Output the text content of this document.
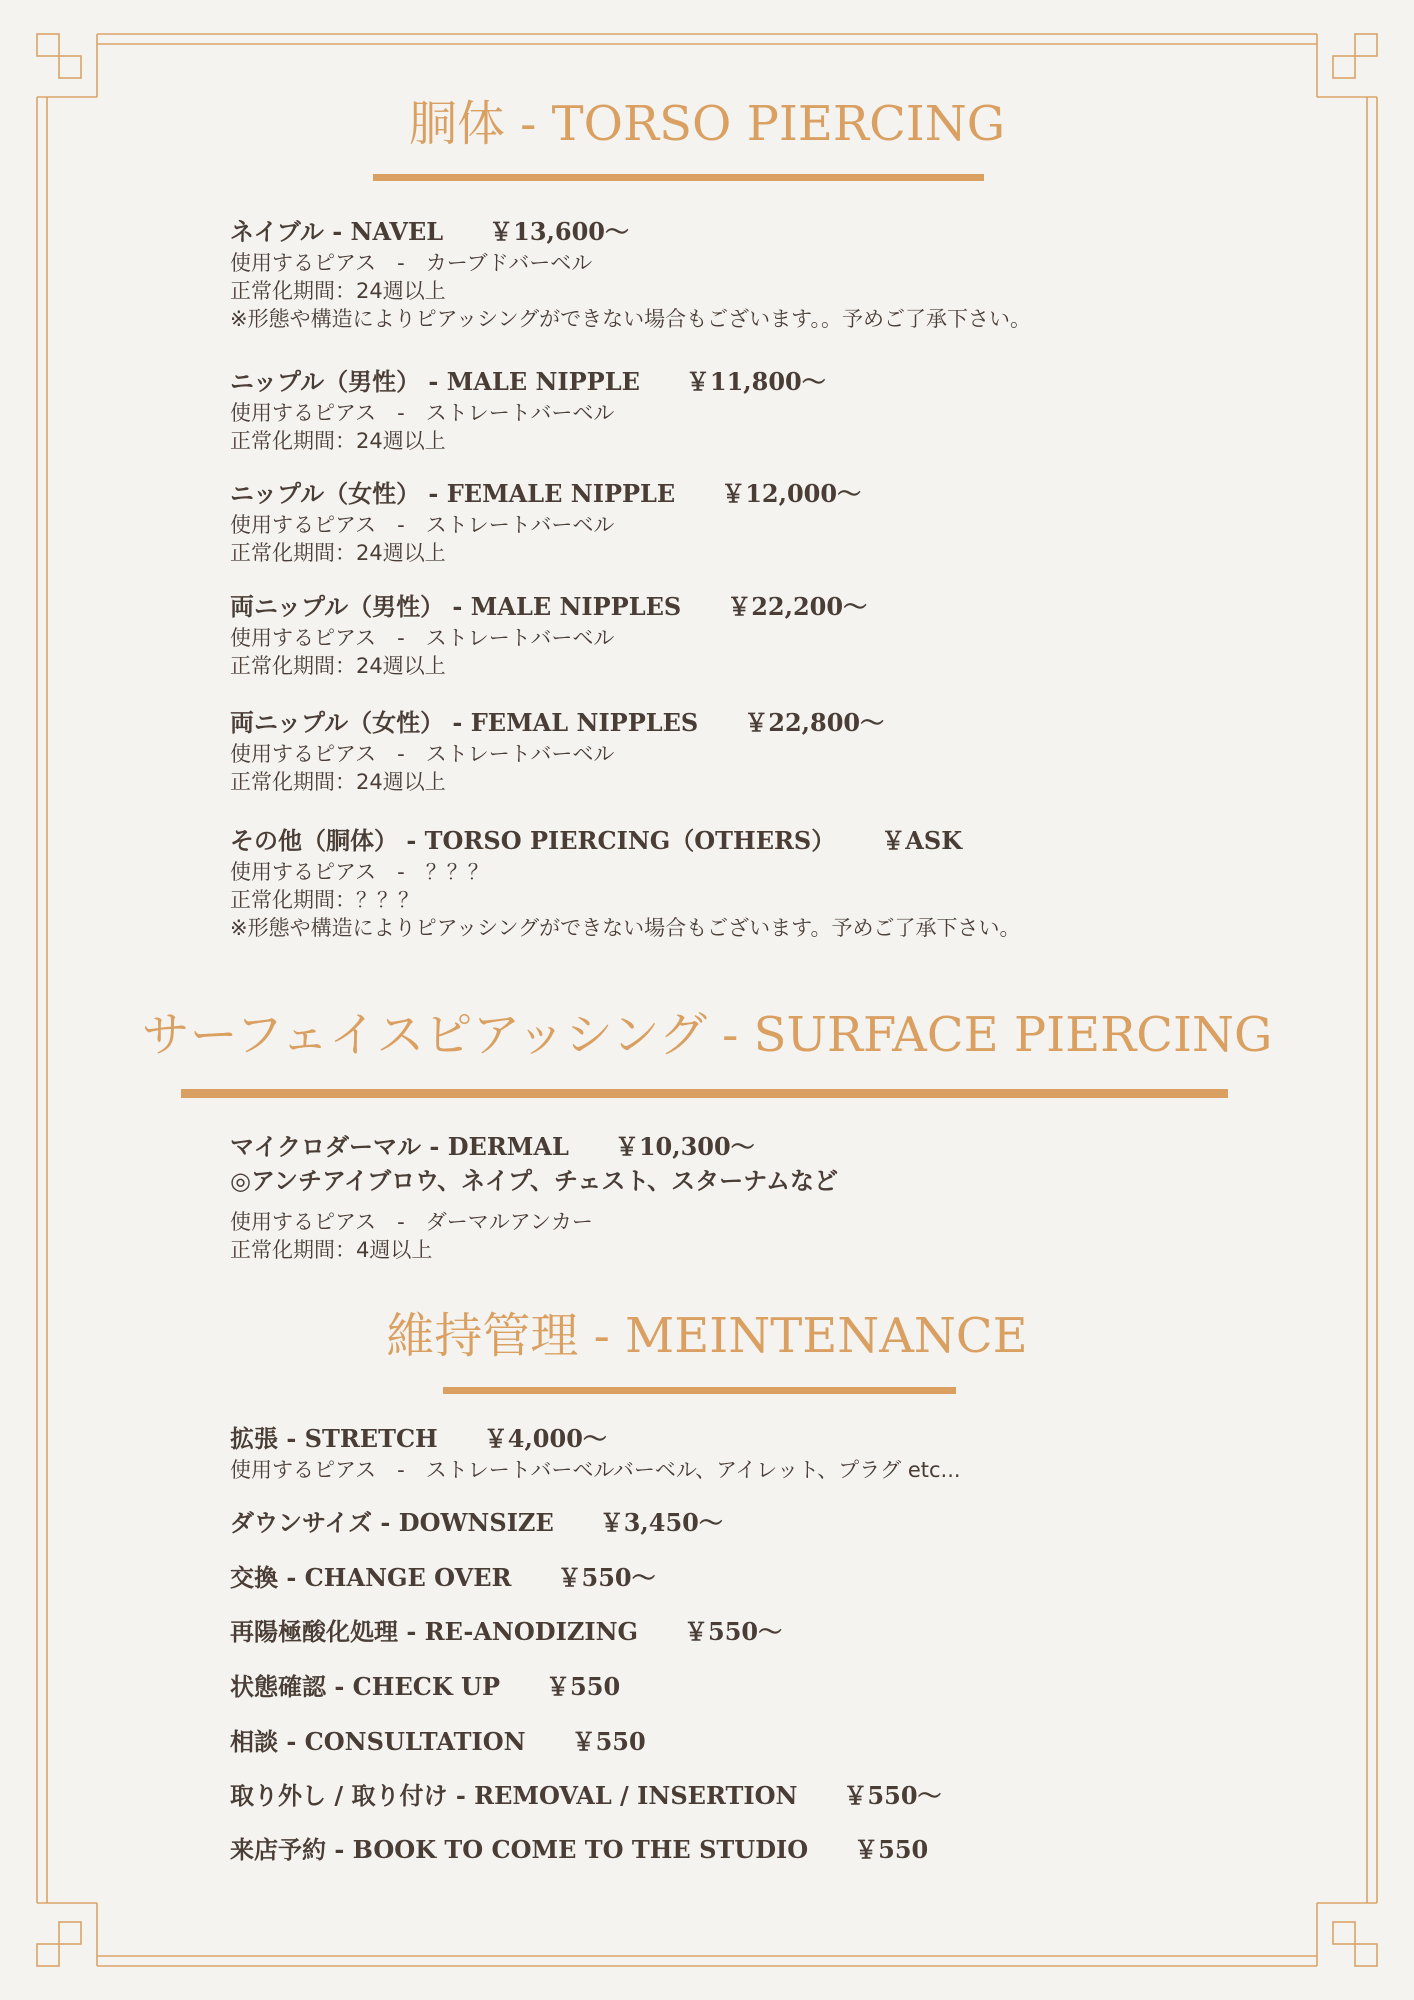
胴体 - TORSO PIERCING
ネイブル - NAVEL ￥13,600〜
使用するピアス　-　カーブドバーベル
正常化期間：24週以上
※形態や構造によりピアッシングができない場合もございます。。予めご了承下さい。
ニップル（男性） - MALE NIPPLE ￥11,800〜
使用するピアス　-　ストレートバーベル
正常化期間：24週以上
ニップル（女性） - FEMALE NIPPLE ￥12,000〜
使用するピアス　-　ストレートバーベル
正常化期間：24週以上
両ニップル（男性） - MALE NIPPLES ￥22,200〜
使用するピアス　-　ストレートバーベル
正常化期間：24週以上
両ニップル（女性） - FEMAL NIPPLES ￥22,800〜
使用するピアス　-　ストレートバーベル
正常化期間：24週以上
その他（胴体） - TORSO PIERCING（OTHERS） ￥ASK
使用するピアス　-　？？？
正常化期間：？？？
※形態や構造によりピアッシングができない場合もございます。予めご了承下さい。
サーフェイスピアッシング - SURFACE PIERCING
マイクロダーマル - DERMAL ￥10,300〜
◎アンチアイブロウ、ネイプ、チェスト、スターナムなど
使用するピアス　-　ダーマルアンカー
正常化期間：4週以上
維持管理 - MEINTENANCE
拡張 - STRETCH ￥4,000〜
使用するピアス　-　ストレートバーベルバーベル、アイレット、プラグ etc...
ダウンサイズ - DOWNSIZE ￥3,450〜
交換 - CHANGE OVER ￥550〜
再陽極酸化処理 - RE-ANODIZING ￥550〜
状態確認 - CHECK UP ￥550
相談 - CONSULTATION ￥550
取り外し / 取り付け - REMOVAL / INSERTION ￥550〜
来店予約 - BOOK TO COME TO THE STUDIO ￥550
